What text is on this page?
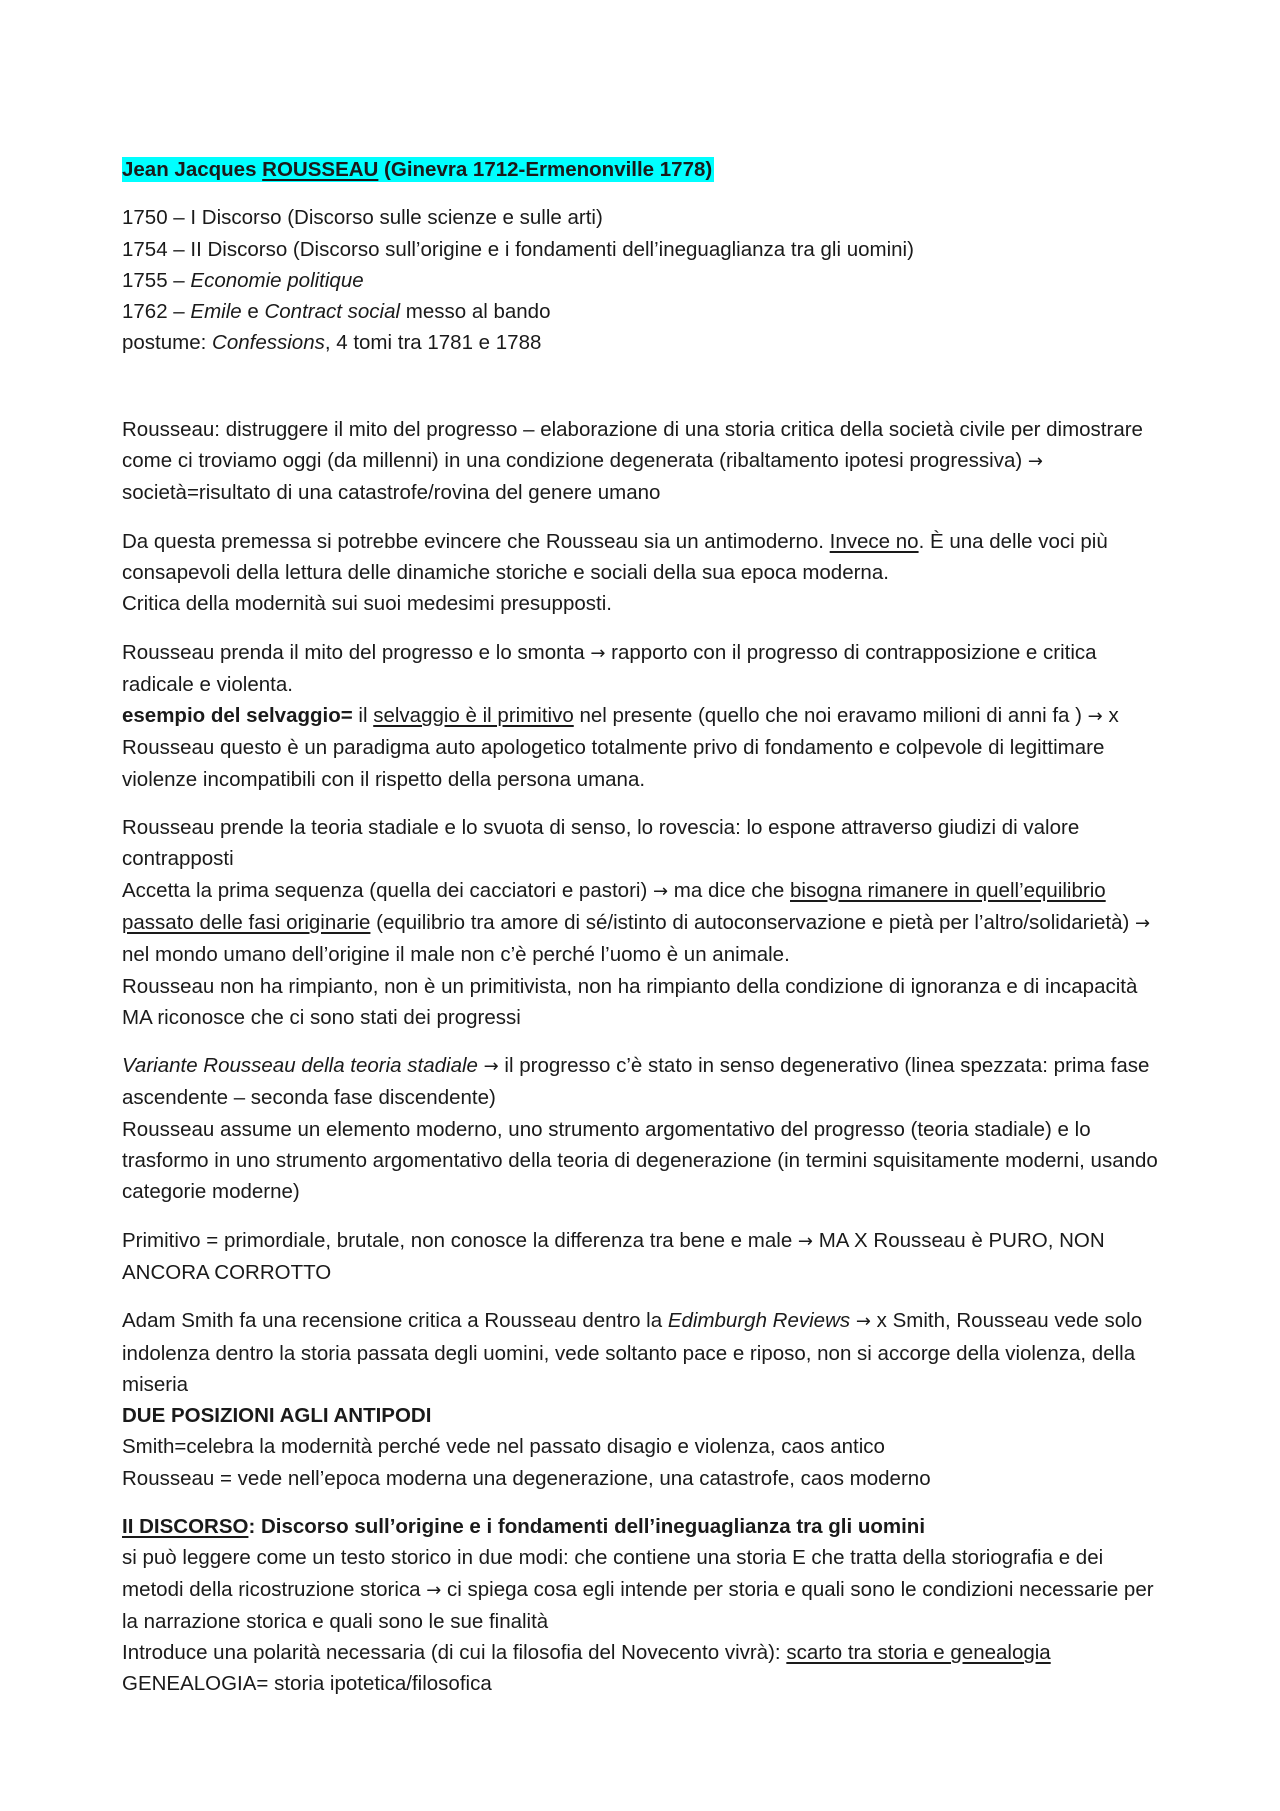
Jean Jacques ROUSSEAU (Ginevra 1712-Ermenonville 1778)

1750 – I Discorso (Discorso sulle scienze e sulle arti)
1754 – II Discorso (Discorso sull’origine e i fondamenti dell’ineguaglianza tra gli uomini)
1755 – Economie politique
1762 – Emile e Contract social messo al bando
postume: Confessions, 4 tomi tra 1781 e 1788

Rousseau: distruggere il mito del progresso – elaborazione di una storia critica della società civile per dimostrare come ci troviamo oggi (da millenni) in una condizione degenerata (ribaltamento ipotesi progressiva) → società=risultato di una catastrofe/rovina del genere umano

Da questa premessa si potrebbe evincere che Rousseau sia un antimoderno. Invece no. È una delle voci più consapevoli della lettura delle dinamiche storiche e sociali della sua epoca moderna.
Critica della modernità sui suoi medesimi presupposti.

Rousseau prenda il mito del progresso e lo smonta → rapporto con il progresso di contrapposizione e critica radicale e violenta.
esempio del selvaggio= il selvaggio è il primitivo nel presente (quello che noi eravamo milioni di anni fa ) → x Rousseau questo è un paradigma auto apologetico totalmente privo di fondamento e colpevole di legittimare violenze incompatibili con il rispetto della persona umana.

Rousseau prende la teoria stadiale e lo svuota di senso, lo rovescia: lo espone attraverso giudizi di valore contrapposti
Accetta la prima sequenza (quella dei cacciatori e pastori) → ma dice che bisogna rimanere in quell’equilibrio passato delle fasi originarie (equilibrio tra amore di sé/istinto di autoconservazione e pietà per l’altro/solidarietà) → nel mondo umano dell’origine il male non c’è perché l’uomo è un animale.
Rousseau non ha rimpianto, non è un primitivista, non ha rimpianto della condizione di ignoranza e di incapacità MA riconosce che ci sono stati dei progressi

Variante Rousseau della teoria stadiale → il progresso c’è stato in senso degenerativo (linea spezzata: prima fase ascendente – seconda fase discendente)
Rousseau assume un elemento moderno, uno strumento argomentativo del progresso (teoria stadiale) e lo trasformo in uno strumento argomentativo della teoria di degenerazione (in termini squisitamente moderni, usando categorie moderne)

Primitivo = primordiale, brutale, non conosce la differenza tra bene e male → MA X Rousseau è PURO, NON ANCORA CORROTTO

Adam Smith fa una recensione critica a Rousseau dentro la Edimburgh Reviews → x Smith, Rousseau vede solo indolenza dentro la storia passata degli uomini, vede soltanto pace e riposo, non si accorge della violenza, della miseria
DUE POSIZIONI AGLI ANTIPODI
Smith=celebra la modernità perché vede nel passato disagio e violenza, caos antico
Rousseau = vede nell’epoca moderna una degenerazione, una catastrofe, caos moderno

II DISCORSO: Discorso sull’origine e i fondamenti dell’ineguaglianza tra gli uomini
si può leggere come un testo storico in due modi: che contiene una storia E che tratta della storiografia e dei metodi della ricostruzione storica → ci spiega cosa egli intende per storia e quali sono le condizioni necessarie per la narrazione storica e quali sono le sue finalità
Introduce una polarità necessaria (di cui la filosofia del Novecento vivrà): scarto tra storia e genealogia
GENEALOGIA= storia ipotetica/filosofica
